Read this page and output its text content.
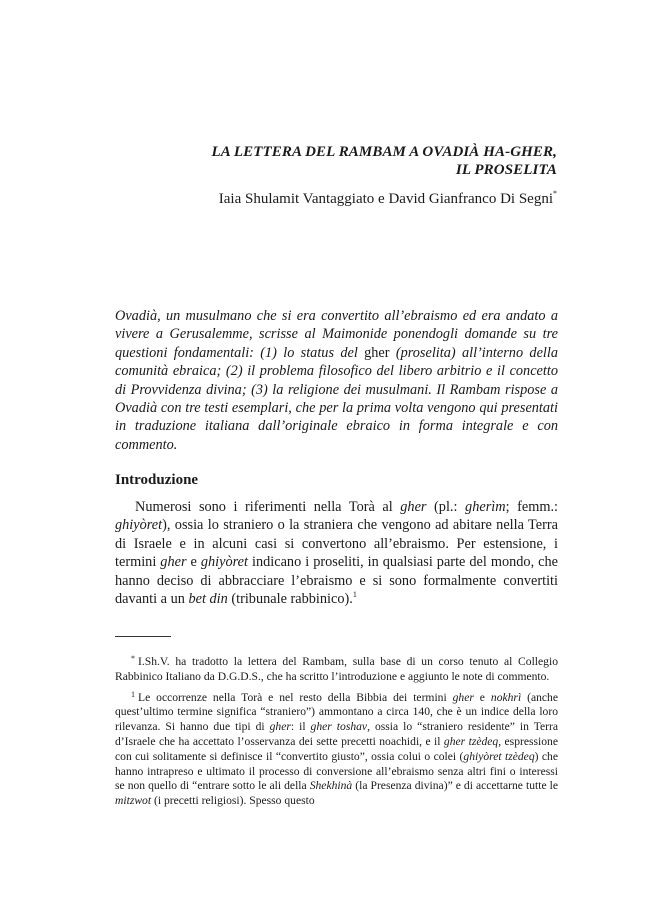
LA LETTERA DEL RAMBAM A OVADIÀ HA-GHER,
IL PROSELITA
Iaia Shulamit Vantaggiato e David Gianfranco Di Segni*
Ovadià, un musulmano che si era convertito all’ebraismo ed era andato a vivere a Gerusalemme, scrisse al Maimonide ponendogli domande su tre questioni fondamentali: (1) lo status del gher (proselita) all’interno della comunità ebraica; (2) il problema filosofico del libero arbitrio e il concetto di Provvidenza divina; (3) la religione dei musulmani. Il Rambam rispose a Ovadià con tre testi esemplari, che per la prima volta vengono qui presentati in traduzione italiana dall’originale ebraico in forma integrale e con commento.
Introduzione
Numerosi sono i riferimenti nella Torà al gher (pl.: gherìm; femm.: ghiyòret), ossia lo straniero o la straniera che vengono ad abitare nella Terra di Israele e in alcuni casi si convertono all’ebraismo. Per estensione, i termini gher e ghiyòret indicano i proseliti, in qualsiasi parte del mondo, che hanno deciso di abbracciare l’ebraismo e si sono formalmente convertiti davanti a un bet din (tribunale rabbinico).$^1$

* I.Sh.V. ha tradotto la lettera del Rambam, sulla base di un corso tenuto al Collegio Rabbinico Italiano da D.G.D.S., che ha scritto l’introduzione e aggiunto le note di commento.

$^1$ Le occorrenze nella Torà e nel resto della Bibbia dei termini gher e nokhrì (anche quest’ultimo termine significa “straniero”) ammontano a circa 140, che è un indice della loro rilevanza. Si hanno due tipi di gher: il gher toshav, ossia lo “straniero residente” in Terra d’Israele che ha accettato l’osservanza dei sette precetti noachidi, e il gher tzèdeq, espressione con cui solitamente si definisce il “convertito giusto”, ossia colui o colei (ghiyòret tzèdeq) che hanno intrapreso e ultimato il processo di conversione all’ebraismo senza altri fini o interessi se non quello di “entrare sotto le ali della Shekhinà (la Presenza divina)” e di accettarne tutte le mitzwot (i precetti religiosi). Spesso questo
